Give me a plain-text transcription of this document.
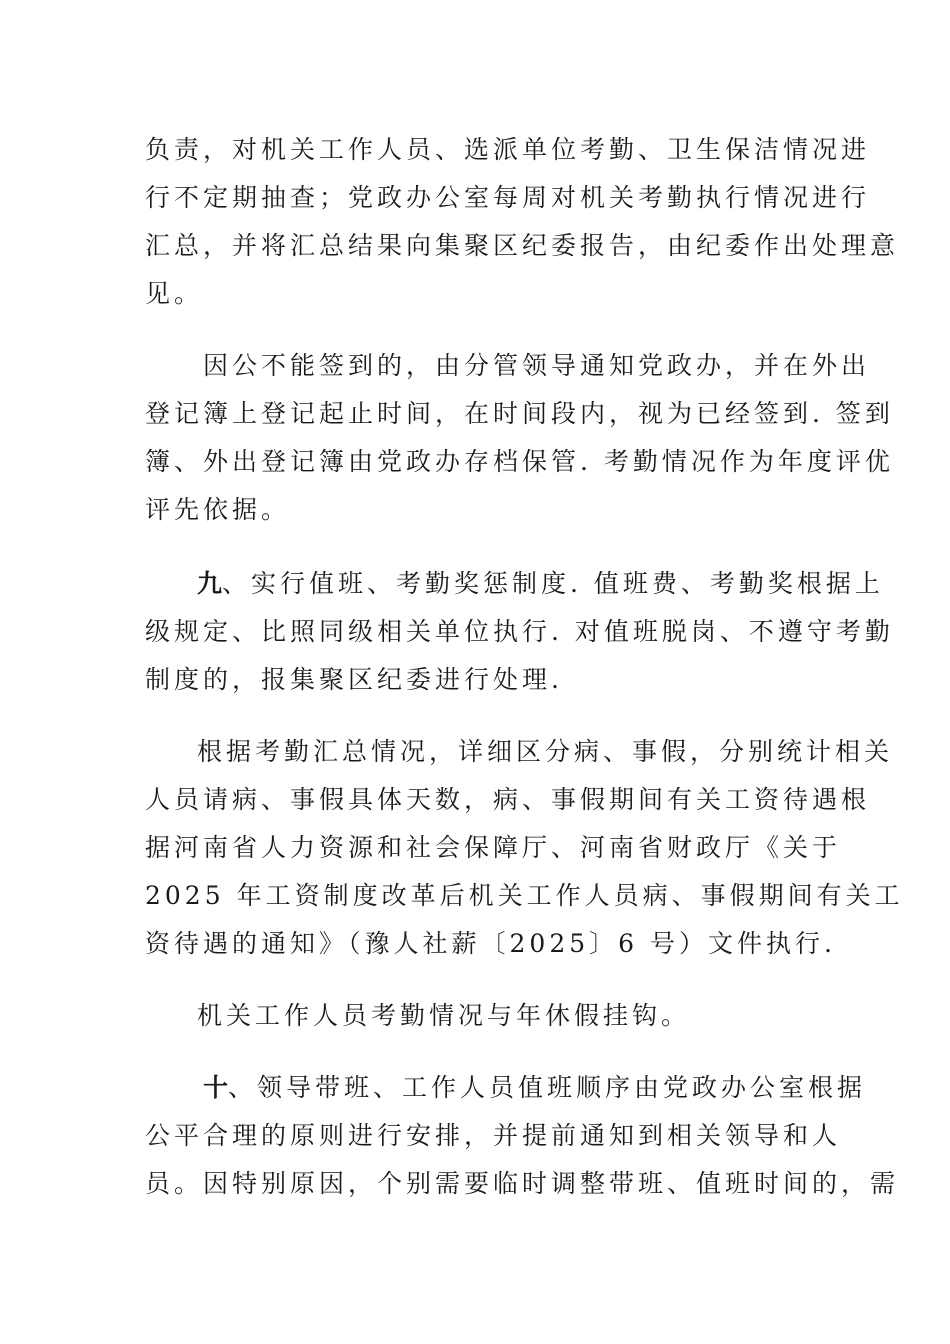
负责，对机关工作人员、选派单位考勤、卫生保洁情况进
行不定期抽查；党政办公室每周对机关考勤执行情况进行
汇总，并将汇总结果向集聚区纪委报告，由纪委作出处理意
见。
因公不能签到的，由分管领导通知党政办，并在外出
登记簿上登记起止时间，在时间段内，视为已经签到. 签到
簿、外出登记簿由党政办存档保管. 考勤情况作为年度评优
评先依据。
九、实行值班、考勤奖惩制度. 值班费、考勤奖根据上
级规定、比照同级相关单位执行. 对值班脱岗、不遵守考勤
制度的，报集聚区纪委进行处理.
根据考勤汇总情况，详细区分病、事假，分别统计相关
人员请病、事假具体天数，病、事假期间有关工资待遇根
据河南省人力资源和社会保障厅、河南省财政厅《关于
2025 年工资制度改革后机关工作人员病、事假期间有关工
资待遇的通知》（豫人社薪〔2025〕6 号）文件执行.
机关工作人员考勤情况与年休假挂钩。
十、领导带班、工作人员值班顺序由党政办公室根据
公平合理的原则进行安排，并提前通知到相关领导和人
员。因特别原因，个别需要临时调整带班、值班时间的，需
